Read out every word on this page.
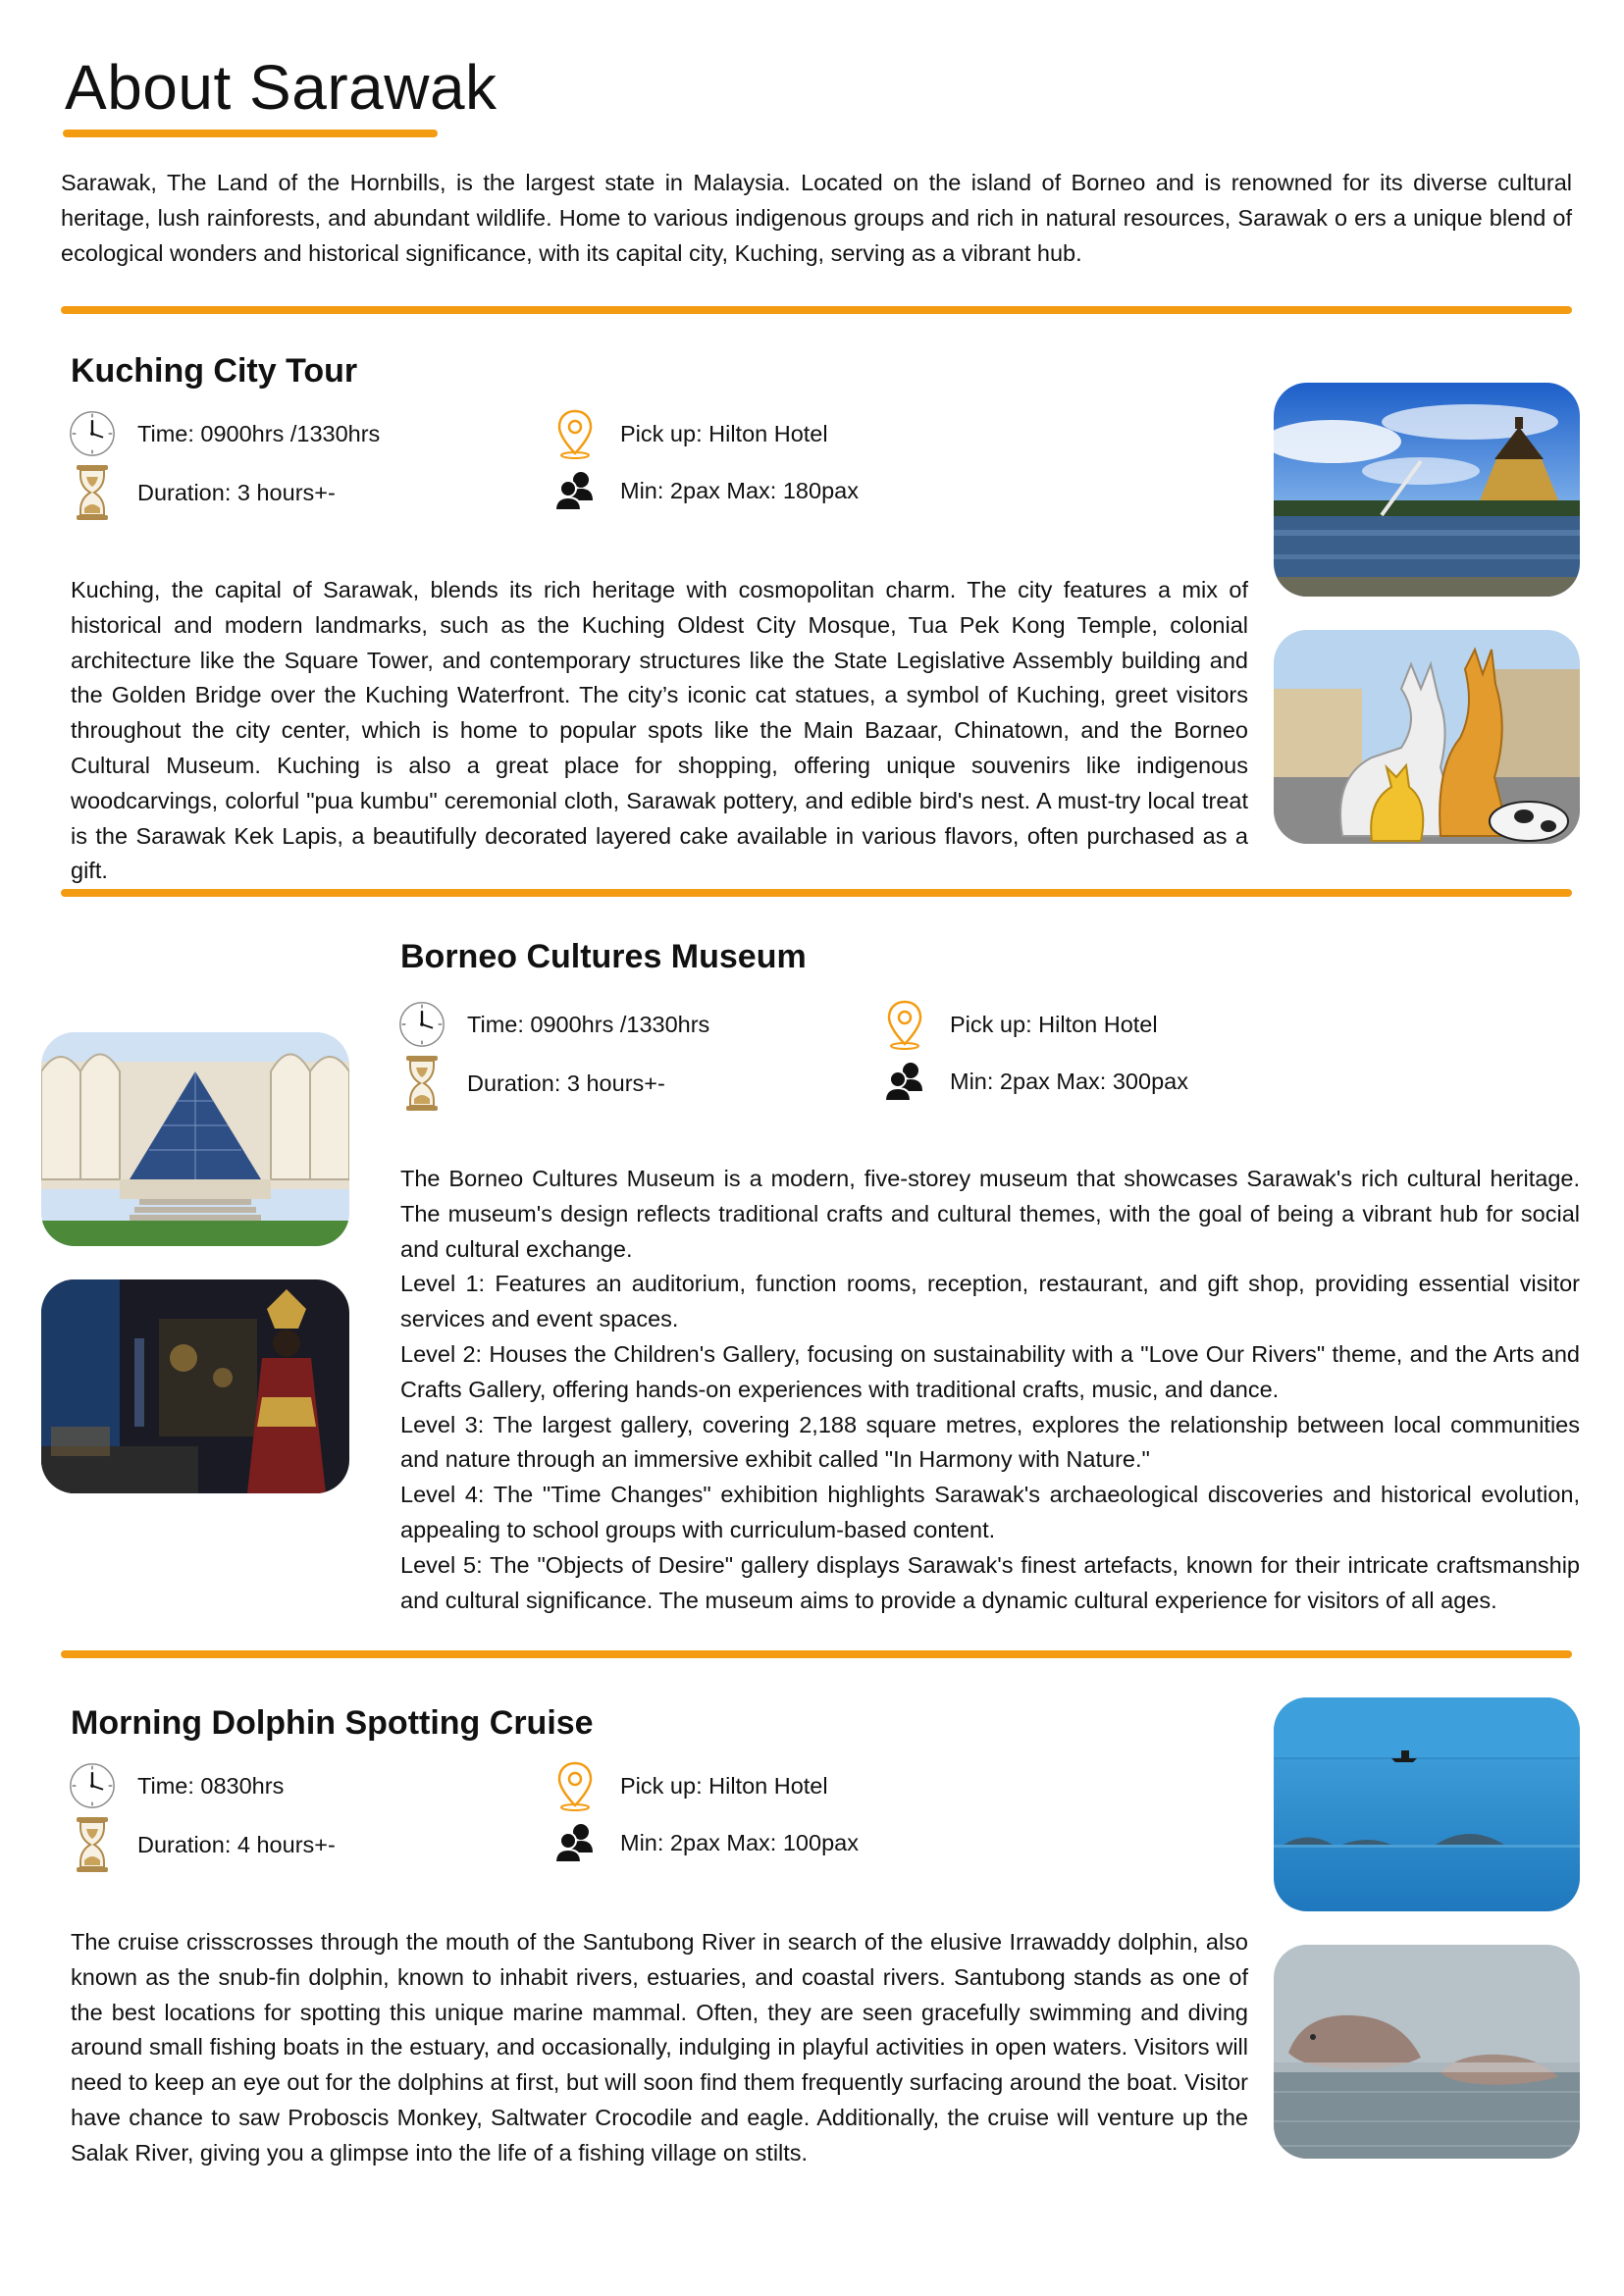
About Sarawak

Sarawak, The Land of the Hornbills, is the largest state in Malaysia. Located on the island of Borneo and is renowned for its diverse cultural heritage, lush rainforests, and abundant wildlife. Home to various indigenous groups and rich in natural resources, Sarawak o ers a unique blend of ecological wonders and historical significance, with its capital city, Kuching, serving as a vibrant hub.

Kuching City Tour
Time: 0900hrs /1330hrs
Duration: 3 hours+-
Pick up: Hilton Hotel
Min: 2pax Max: 180pax

Kuching, the capital of Sarawak, blends its rich heritage with cosmopolitan charm. The city features a mix of historical and modern landmarks, such as the Kuching Oldest City Mosque, Tua Pek Kong Temple, colonial architecture like the Square Tower, and contemporary structures like the State Legislative Assembly building and the Golden Bridge over the Kuching Waterfront. The city’s iconic cat statues, a symbol of Kuching, greet visitors throughout the city center, which is home to popular spots like the Main Bazaar, Chinatown, and the Borneo Cultural Museum. Kuching is also a great place for shopping, offering unique souvenirs like indigenous woodcarvings, colorful "pua kumbu" ceremonial cloth, Sarawak pottery, and edible bird's nest. A must-try local treat is the Sarawak Kek Lapis, a beautifully decorated layered cake available in various flavors, often purchased as a gift.

Borneo Cultures Museum
Time: 0900hrs /1330hrs
Duration: 3 hours+-
Pick up: Hilton Hotel
Min: 2pax Max: 300pax

The Borneo Cultures Museum is a modern, five-storey museum that showcases Sarawak's rich cultural heritage. The museum's design reflects traditional crafts and cultural themes, with the goal of being a vibrant hub for social and cultural exchange.

Level 1: Features an auditorium, function rooms, reception, restaurant, and gift shop, providing essential visitor services and event spaces.

Level 2: Houses the Children's Gallery, focusing on sustainability with a "Love Our Rivers" theme, and the Arts and Crafts Gallery, offering hands-on experiences with traditional crafts, music, and dance.

Level 3: The largest gallery, covering 2,188 square metres, explores the relationship between local communities and nature through an immersive exhibit called "In Harmony with Nature."

Level 4: The "Time Changes" exhibition highlights Sarawak's archaeological discoveries and historical evolution, appealing to school groups with curriculum-based content.

Level 5: The "Objects of Desire" gallery displays Sarawak's finest artefacts, known for their intricate craftsmanship and cultural significance. The museum aims to provide a dynamic cultural experience for visitors of all ages.

Morning Dolphin Spotting Cruise
Time: 0830hrs
Duration: 4 hours+-
Pick up: Hilton Hotel
Min: 2pax Max: 100pax

The cruise crisscrosses through the mouth of the Santubong River in search of the elusive Irrawaddy dolphin, also known as the snub-fin dolphin, known to inhabit rivers, estuaries, and coastal rivers. Santubong stands as one of the best locations for spotting this unique marine mammal. Often, they are seen gracefully swimming and diving around small fishing boats in the estuary, and occasionally, indulging in playful activities in open waters. Visitors will need to keep an eye out for the dolphins at first, but will soon find them frequently surfacing around the boat. Visitor have chance to saw Proboscis Monkey, Saltwater Crocodile and eagle. Additionally, the cruise will venture up the Salak River, giving you a glimpse into the life of a fishing village on stilts.
